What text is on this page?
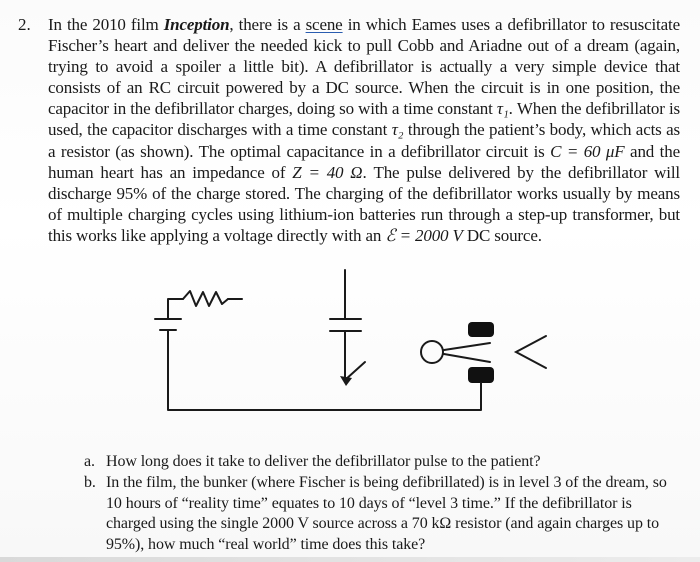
2. In the 2010 film Inception, there is a scene in which Eames uses a defibrillator to resuscitate Fischer’s heart and deliver the needed kick to pull Cobb and Ariadne out of a dream (again, trying to avoid a spoiler a little bit). A defibrillator is actually a very simple device that consists of an RC circuit powered by a DC source. When the circuit is in one position, the capacitor in the defibrillator charges, doing so with a time constant τ₁. When the defibrillator is used, the capacitor discharges with a time constant τ₂ through the patient’s body, which acts as a resistor (as shown). The optimal capacitance in a defibrillator circuit is C = 60 μF and the human heart has an impedance of Z = 40 Ω. The pulse delivered by the defibrillator will discharge 95% of the charge stored. The charging of the defibrillator works usually by means of multiple charging cycles using lithium-ion batteries run through a step-up transformer, but this works like applying a voltage directly with an ℰ = 2000 V DC source.
a. How long does it take to deliver the defibrillator pulse to the patient?
b. In the film, the bunker (where Fischer is being defibrillated) is in level 3 of the dream, so 10 hours of “reality time” equates to 10 days of “level 3 time.” If the defibrillator is charged using the single 2000 V source across a 70 kΩ resistor (and again charges up to 95%), how much “real world” time does this take?
